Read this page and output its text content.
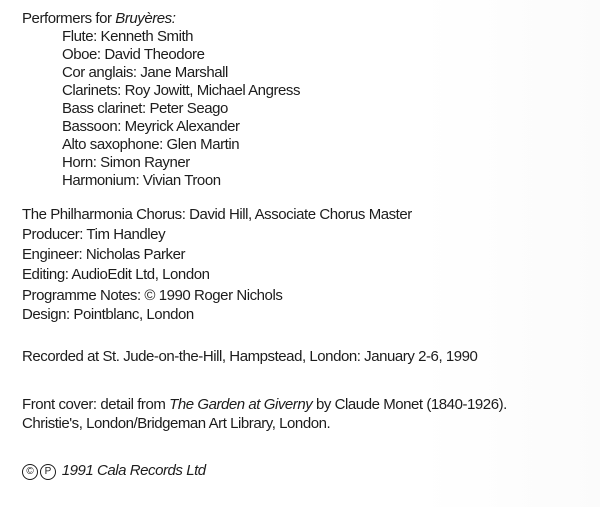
Performers for Bruyères:
Flute: Kenneth Smith
Oboe: David Theodore
Cor anglais: Jane Marshall
Clarinets: Roy Jowitt, Michael Angress
Bass clarinet: Peter Seago
Bassoon: Meyrick Alexander
Alto saxophone: Glen Martin
Horn: Simon Rayner
Harmonium: Vivian Troon
The Philharmonia Chorus: David Hill, Associate Chorus Master
Producer: Tim Handley
Engineer: Nicholas Parker
Editing: AudioEdit Ltd, London
Programme Notes: © 1990 Roger Nichols
Design: Pointblanc, London
Recorded at St. Jude-on-the-Hill, Hampstead, London: January 2-6, 1990
Front cover: detail from The Garden at Giverny by Claude Monet (1840-1926).
Christie's, London/Bridgeman Art Library, London.
© P 1991 Cala Records Ltd
